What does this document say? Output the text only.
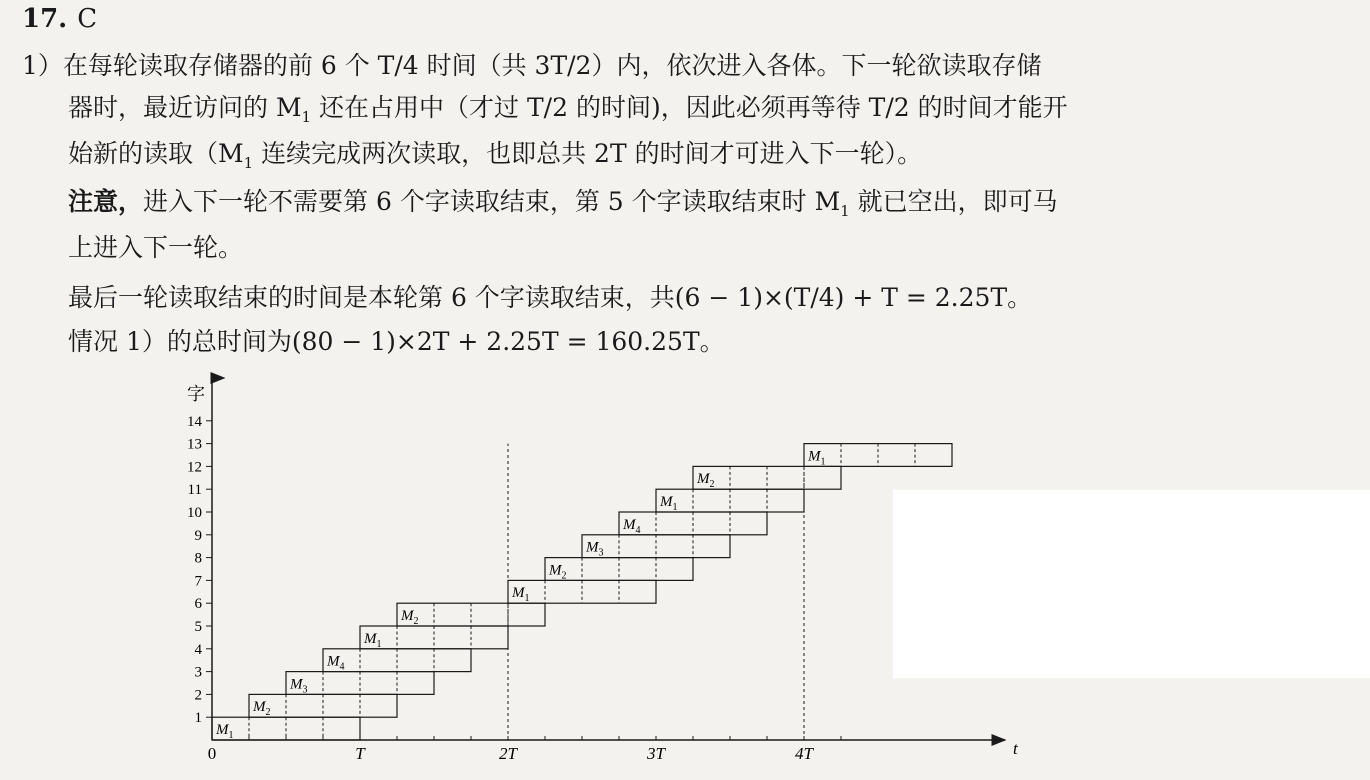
17. C
1）在每轮读取存储器的前 6 个 T/4 时间（共 3T/2）内，依次进入各体。下一轮欲读取存储
器时，最近访问的 $M_1$ 还在占用中（才过 T/2 的时间)，因此必须再等待 T/2 的时间才能开
始新的读取（$M_1$ 连续完成两次读取，也即总共 2T 的时间才可进入下一轮）。
注意，进入下一轮不需要第 6 个字读取结束，第 5 个字读取结束时 $M_1$ 就已空出，即可马
上进入下一轮。
最后一轮读取结束的时间是本轮第 6 个字读取结束，共(6 − 1)×(T/4) + T = 2.25T。
情况 1）的总时间为(80 − 1)×2T + 2.25T = 160.25T。
$M_1$
$M_2$
$M_3$
$M_4$
$M_1$
$M_2$
$M_1$
$M_2$
$M_3$
$M_4$
$M_1$
$M_2$
$M_1$
1
2
3
4
5
6
7
8
9
10
11
12
13
14
T	2T	3T	4T
字
t
0
